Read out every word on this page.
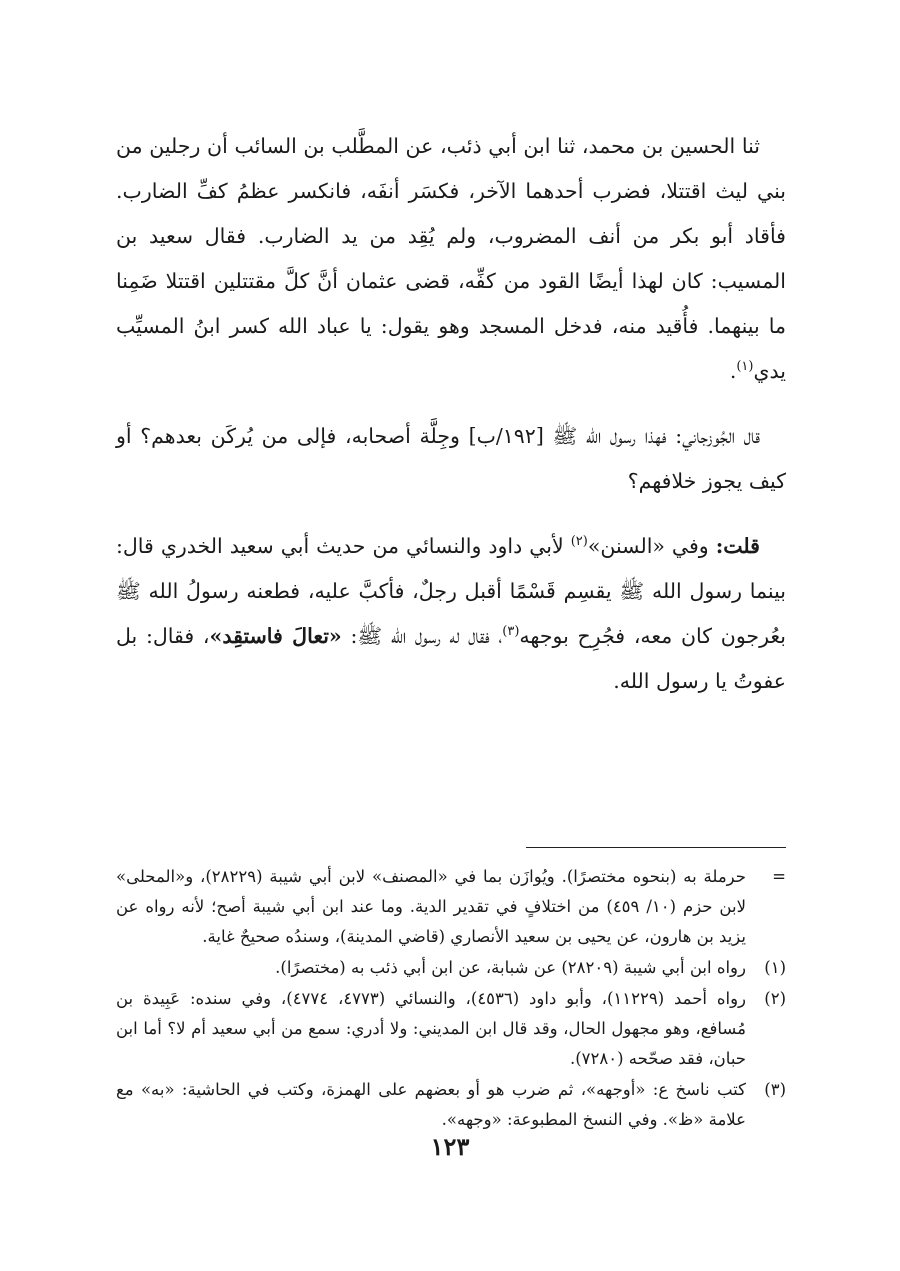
ثنا الحسين بن محمد، ثنا ابن أبي ذئب، عن المطَّلب بن السائب أن رجلين من بني ليث اقتتلا، فضرب أحدهما الآخر، فكسَر أنفَه، فانكسر عظمُ كفِّ الضارب. فأقاد أبو بكر من أنف المضروب، ولم يُقِد من يد الضارب. فقال سعيد بن المسيب: كان لهذا أيضًا القود من كفِّه، قضى عثمان أنَّ كلَّ مقتتلين اقتتلا ضَمِنا ما بينهما. فأُقيد منه، فدخل المسجد وهو يقول: يا عباد الله كسر ابنُ المسيِّب يدي$^{(١)}$.

قال الجُوزجاني: فهذا رسول الله ﷺ [١٩٢/ب] وجِلَّة أصحابه، فإلى من يُركَن بعدهم؟ أو كيف يجوز خلافهم؟

قلت: وفي «السنن»$^{(٢)}$ لأبي داود والنسائي من حديث أبي سعيد الخدري قال: بينما رسول الله ﷺ يقسِم قَسْمًا أقبل رجلٌ، فأكبَّ عليه، فطعنه رسولُ الله ﷺ بعُرجون كان معه، فجُرِح بوجهه$^{(٣)}$، فقال له رسول الله ﷺ: «تعالَ فاستقِد»، فقال: بل عفوتُ يا رسول الله.

=
حرملة به (بنحوه مختصرًا). ويُوازَن بما في «المصنف» لابن أبي شيبة (٢٨٢٢٩)، و«المحلى» لابن حزم (١٠/ ٤٥٩) من اختلافٍ في تقدير الدية. وما عند ابن أبي شيبة أصح؛ لأنه رواه عن يزيد بن هارون، عن يحيى بن سعيد الأنصاري (قاضي المدينة)، وسندُه صحيحٌ غاية.
(١)
رواه ابن أبي شيبة (٢٨٢٠٩) عن شبابة، عن ابن أبي ذئب به (مختصرًا).
(٢)
رواه أحمد (١١٢٢٩)، وأبو داود (٤٥٣٦)، والنسائي (٤٧٧٣، ٤٧٧٤)، وفي سنده: عَبِيدة بن مُسافع، وهو مجهول الحال، وقد قال ابن المديني: ولا أدري: سمع من أبي سعيد أم لا؟ أما ابن حبان، فقد صحّحه (٧٢٨٠).
(٣)
كتب ناسخ ع: «أوجهه»، ثم ضرب هو أو بعضهم على الهمزة، وكتب في الحاشية: «به» مع علامة «ظ». وفي النسخ المطبوعة: «وجهه».
١٢٣
